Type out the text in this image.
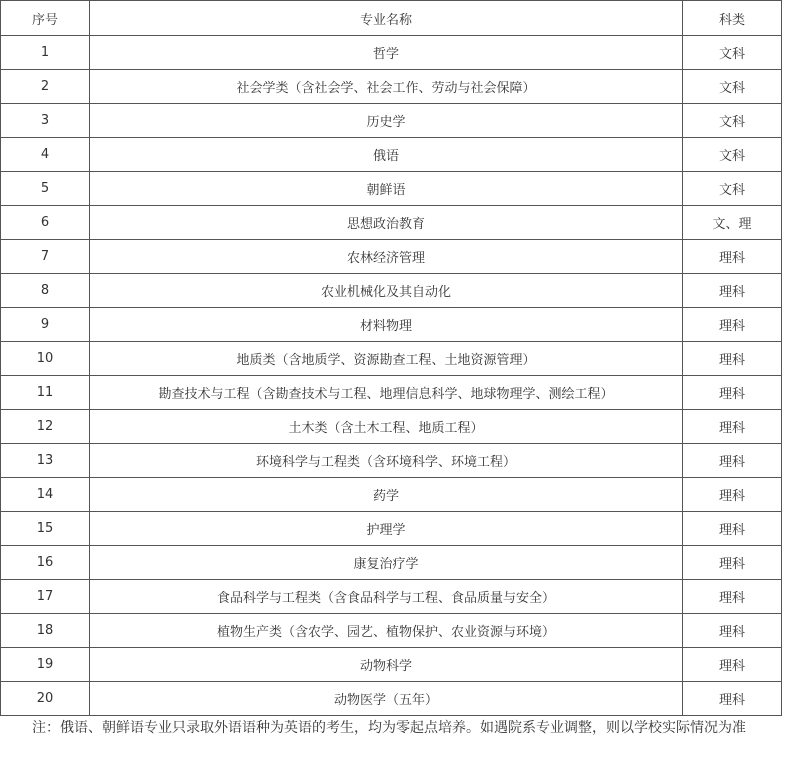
序号	专业名称	科类
1	哲学	文科
2	社会学类（含社会学、社会工作、劳动与社会保障）	文科
3	历史学	文科
4	俄语	文科
5	朝鲜语	文科
6	思想政治教育	文、理
7	农林经济管理	理科
8	农业机械化及其自动化	理科
9	材料物理	理科
10	地质类（含地质学、资源勘查工程、土地资源管理）	理科
11	勘查技术与工程（含勘查技术与工程、地理信息科学、地球物理学、测绘工程）	理科
12	土木类（含土木工程、地质工程）	理科
13	环境科学与工程类（含环境科学、环境工程）	理科
14	药学	理科
15	护理学	理科
16	康复治疗学	理科
17	食品科学与工程类（含食品科学与工程、食品质量与安全）	理科
18	植物生产类（含农学、园艺、植物保护、农业资源与环境）	理科
19	动物科学	理科
20	动物医学（五年）	理科

注：俄语、朝鲜语专业只录取外语语种为英语的考生，均为零起点培养。如遇院系专业调整，则以学校实际情况为准
